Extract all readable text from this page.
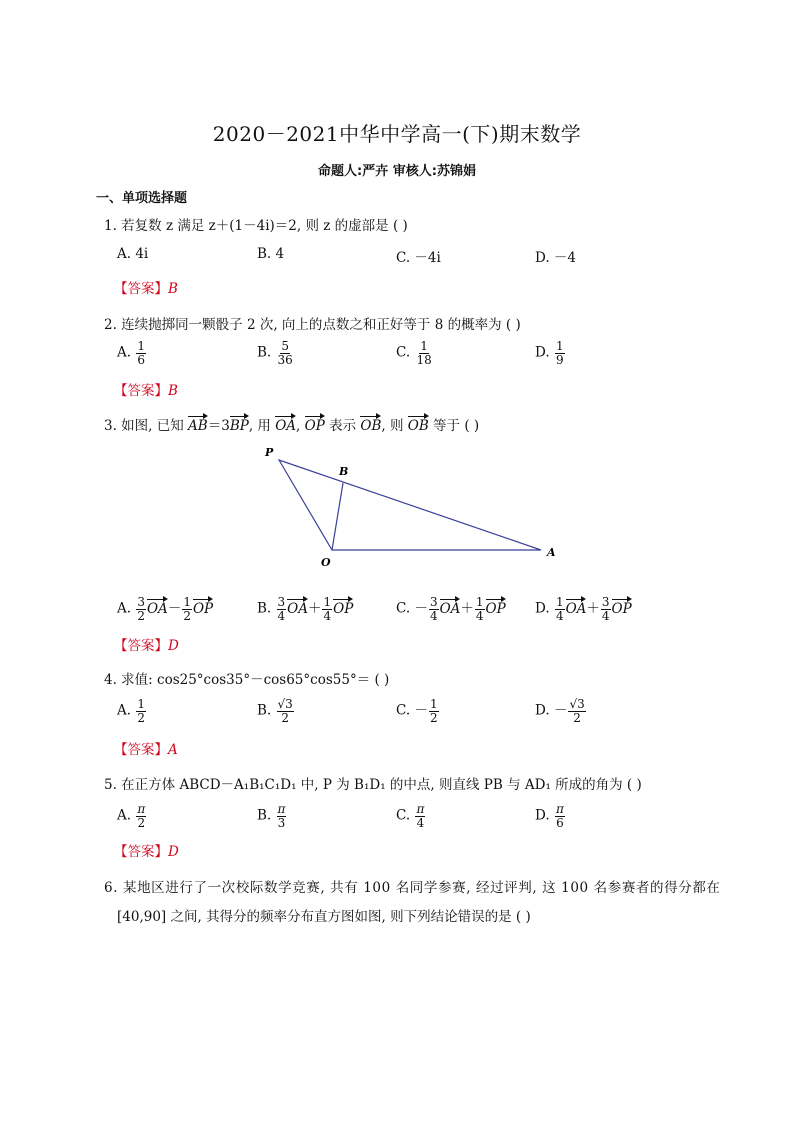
2020－2021中华中学高一(下)期末数学
命题人:严卉 审核人:苏锦娟
一、单项选择题
1. 若复数 z 满足 z＋(1－4i)＝2, 则 z 的虚部是 ( )
A. 4i	B. 4	C. －4i	D. －4
【答案】B
2. 连续抛掷同一颗骰子 2 次, 向上的点数之和正好等于 8 的概率为 ( )
A. $\frac{1}{6}$	B. $\frac{5}{36}$	C. $\frac{1}{18}$	D. $\frac{1}{9}$
【答案】B
3. 如图, 已知 AB＝3BP, 用 OA, OP 表示 OB, 则 OB 等于 ( )
P
B
O
A
A. $\frac{3}{2} OA- \frac{1}{2}$ OP	B. $\frac{3}{4} OA+ \frac{1}{4}$ OP	C. － $\frac{3}{4} OA+ \frac{1}{4}$ OP D. $\frac{1}{4} OA+ \frac{3}{4}$ OP
【答案】D
4. 求值: cos25°cos35°－cos65°cos55°＝ ( )
A. $\frac{1}{2}$	B. $\frac{√3}{2}$	C. － $\frac{1}{2}$	D. － $\frac{√3}{2}$
【答案】A
5. 在正方体 ABCD－A₁B₁C₁D₁ 中, P 为 B₁D₁ 的中点, 则直线 PB 与 AD₁ 所成的角为 ( )
A. $\frac{\pi}{2}$	B. $\frac{\pi}{3}$	C. $\frac{\pi}{4}$	D. $\frac{\pi}{6}$
【答案】D
6. 某地区进行了一次校际数学竞赛, 共有 100 名同学参赛, 经过评判, 这 100 名参赛者的得分都在
[40,90] 之间, 其得分的频率分布直方图如图, 则下列结论错误的是 ( )
